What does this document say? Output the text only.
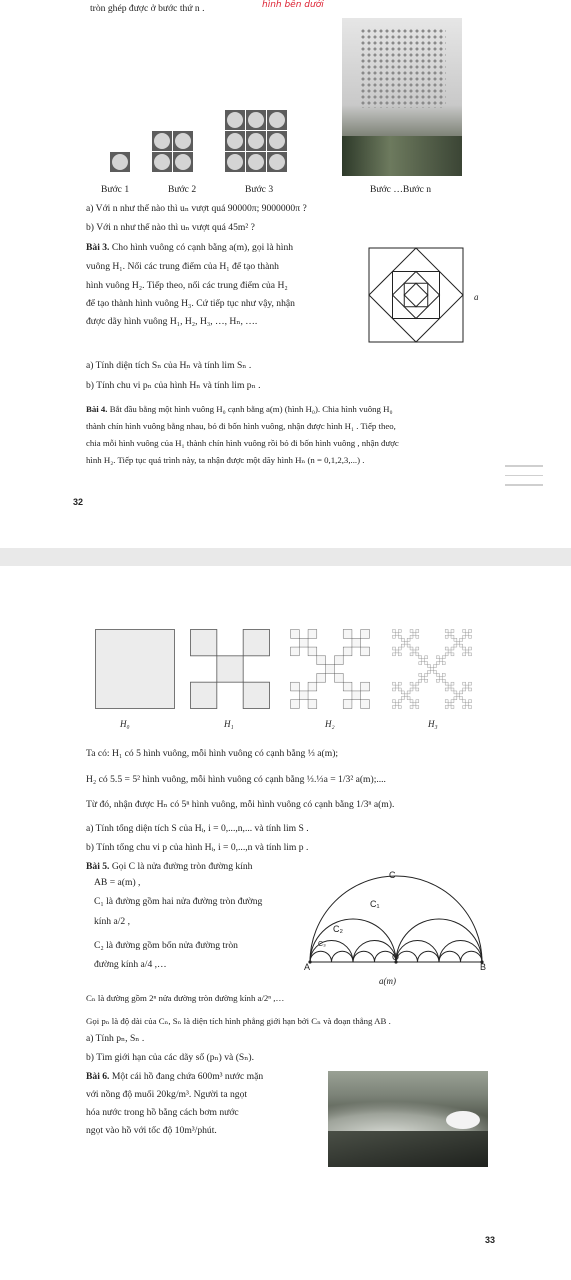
tròn ghép được ở bước thứ n .	hình bên dưới
Bước 1	Bước 2	Bước 3	Bước …Bước n
a) Với n như thế nào thì uₙ vượt quá 90000π; 9000000π ?
b) Với n như thế nào thì uₙ vượt quá 45m² ?
Bài 3. Cho hình vuông có cạnh bằng a(m), gọi là hình
vuông H₁. Nối các trung điểm của H₁ để tạo thành
hình vuông H₂. Tiếp theo, nối các trung điểm của H₂
để tạo thành hình vuông H₃. Cứ tiếp tục như vậy, nhận
được dãy hình vuông H₁, H₂, H₃, …, Hₙ, ….
a
a) Tính diện tích Sₙ của Hₙ và tính lim Sₙ .
b) Tính chu vi pₙ của hình Hₙ và tính lim pₙ .
Bài 4. Bắt đầu bằng một hình vuông H₀ cạnh bằng a(m) (hình H₀). Chia hình vuông H₀
thành chín hình vuông bằng nhau, bỏ đi bốn hình vuông, nhận được hình H₁ . Tiếp theo,
chia mỗi hình vuông của H₁ thành chín hình vuông rồi bỏ đi bốn hình vuông , nhận được
hình H₂. Tiếp tục quá trình này, ta nhận được một dãy hình Hₙ (n = 0,1,2,3,...) .
32
H₀	H₁	H₂	H₃
Ta có: H₁ có 5 hình vuông, mỗi hình vuông có cạnh bằng ⅓ a(m);
H₂ có 5.5 = 5² hình vuông, mỗi hình vuông có cạnh bằng ⅓.⅓a = 1/3² a(m);....
Từ đó, nhận được Hₙ có 5ⁿ hình vuông, mỗi hình vuông có cạnh bằng 1/3ⁿ a(m).
a) Tính tổng diện tích S của Hᵢ, i = 0,...,n,... và tính lim S .
b) Tính tổng chu vi p của hình Hᵢ, i = 0,...,n và tính lim p .
Bài 5. Gọi C là nửa đường tròn đường kính
AB = a(m) ,
C₁ là đường gồm hai nửa đường tròn đường
kính a/2 ,
C₂ là đường gồm bốn nửa đường tròn
đường kính a/4 ,…
C
C₁
C₂
C₃
A
O
B
a(m)
Cₙ là đường gồm 2ⁿ nửa đường tròn đường kính a/2ⁿ ,…
Gọi pₙ là độ dài của Cₙ, Sₙ là diện tích hình phẳng giới hạn bởi Cₙ và đoạn thẳng AB .
a) Tính pₙ, Sₙ .
b) Tìm giới hạn của các dãy số (pₙ) và (Sₙ).
Bài 6. Một cái hồ đang chứa 600m³ nước mặn
với nồng độ muối 20kg/m³. Người ta ngọt
hóa nước trong hồ bằng cách bơm nước
ngọt vào hồ với tốc độ 10m³/phút.
33
